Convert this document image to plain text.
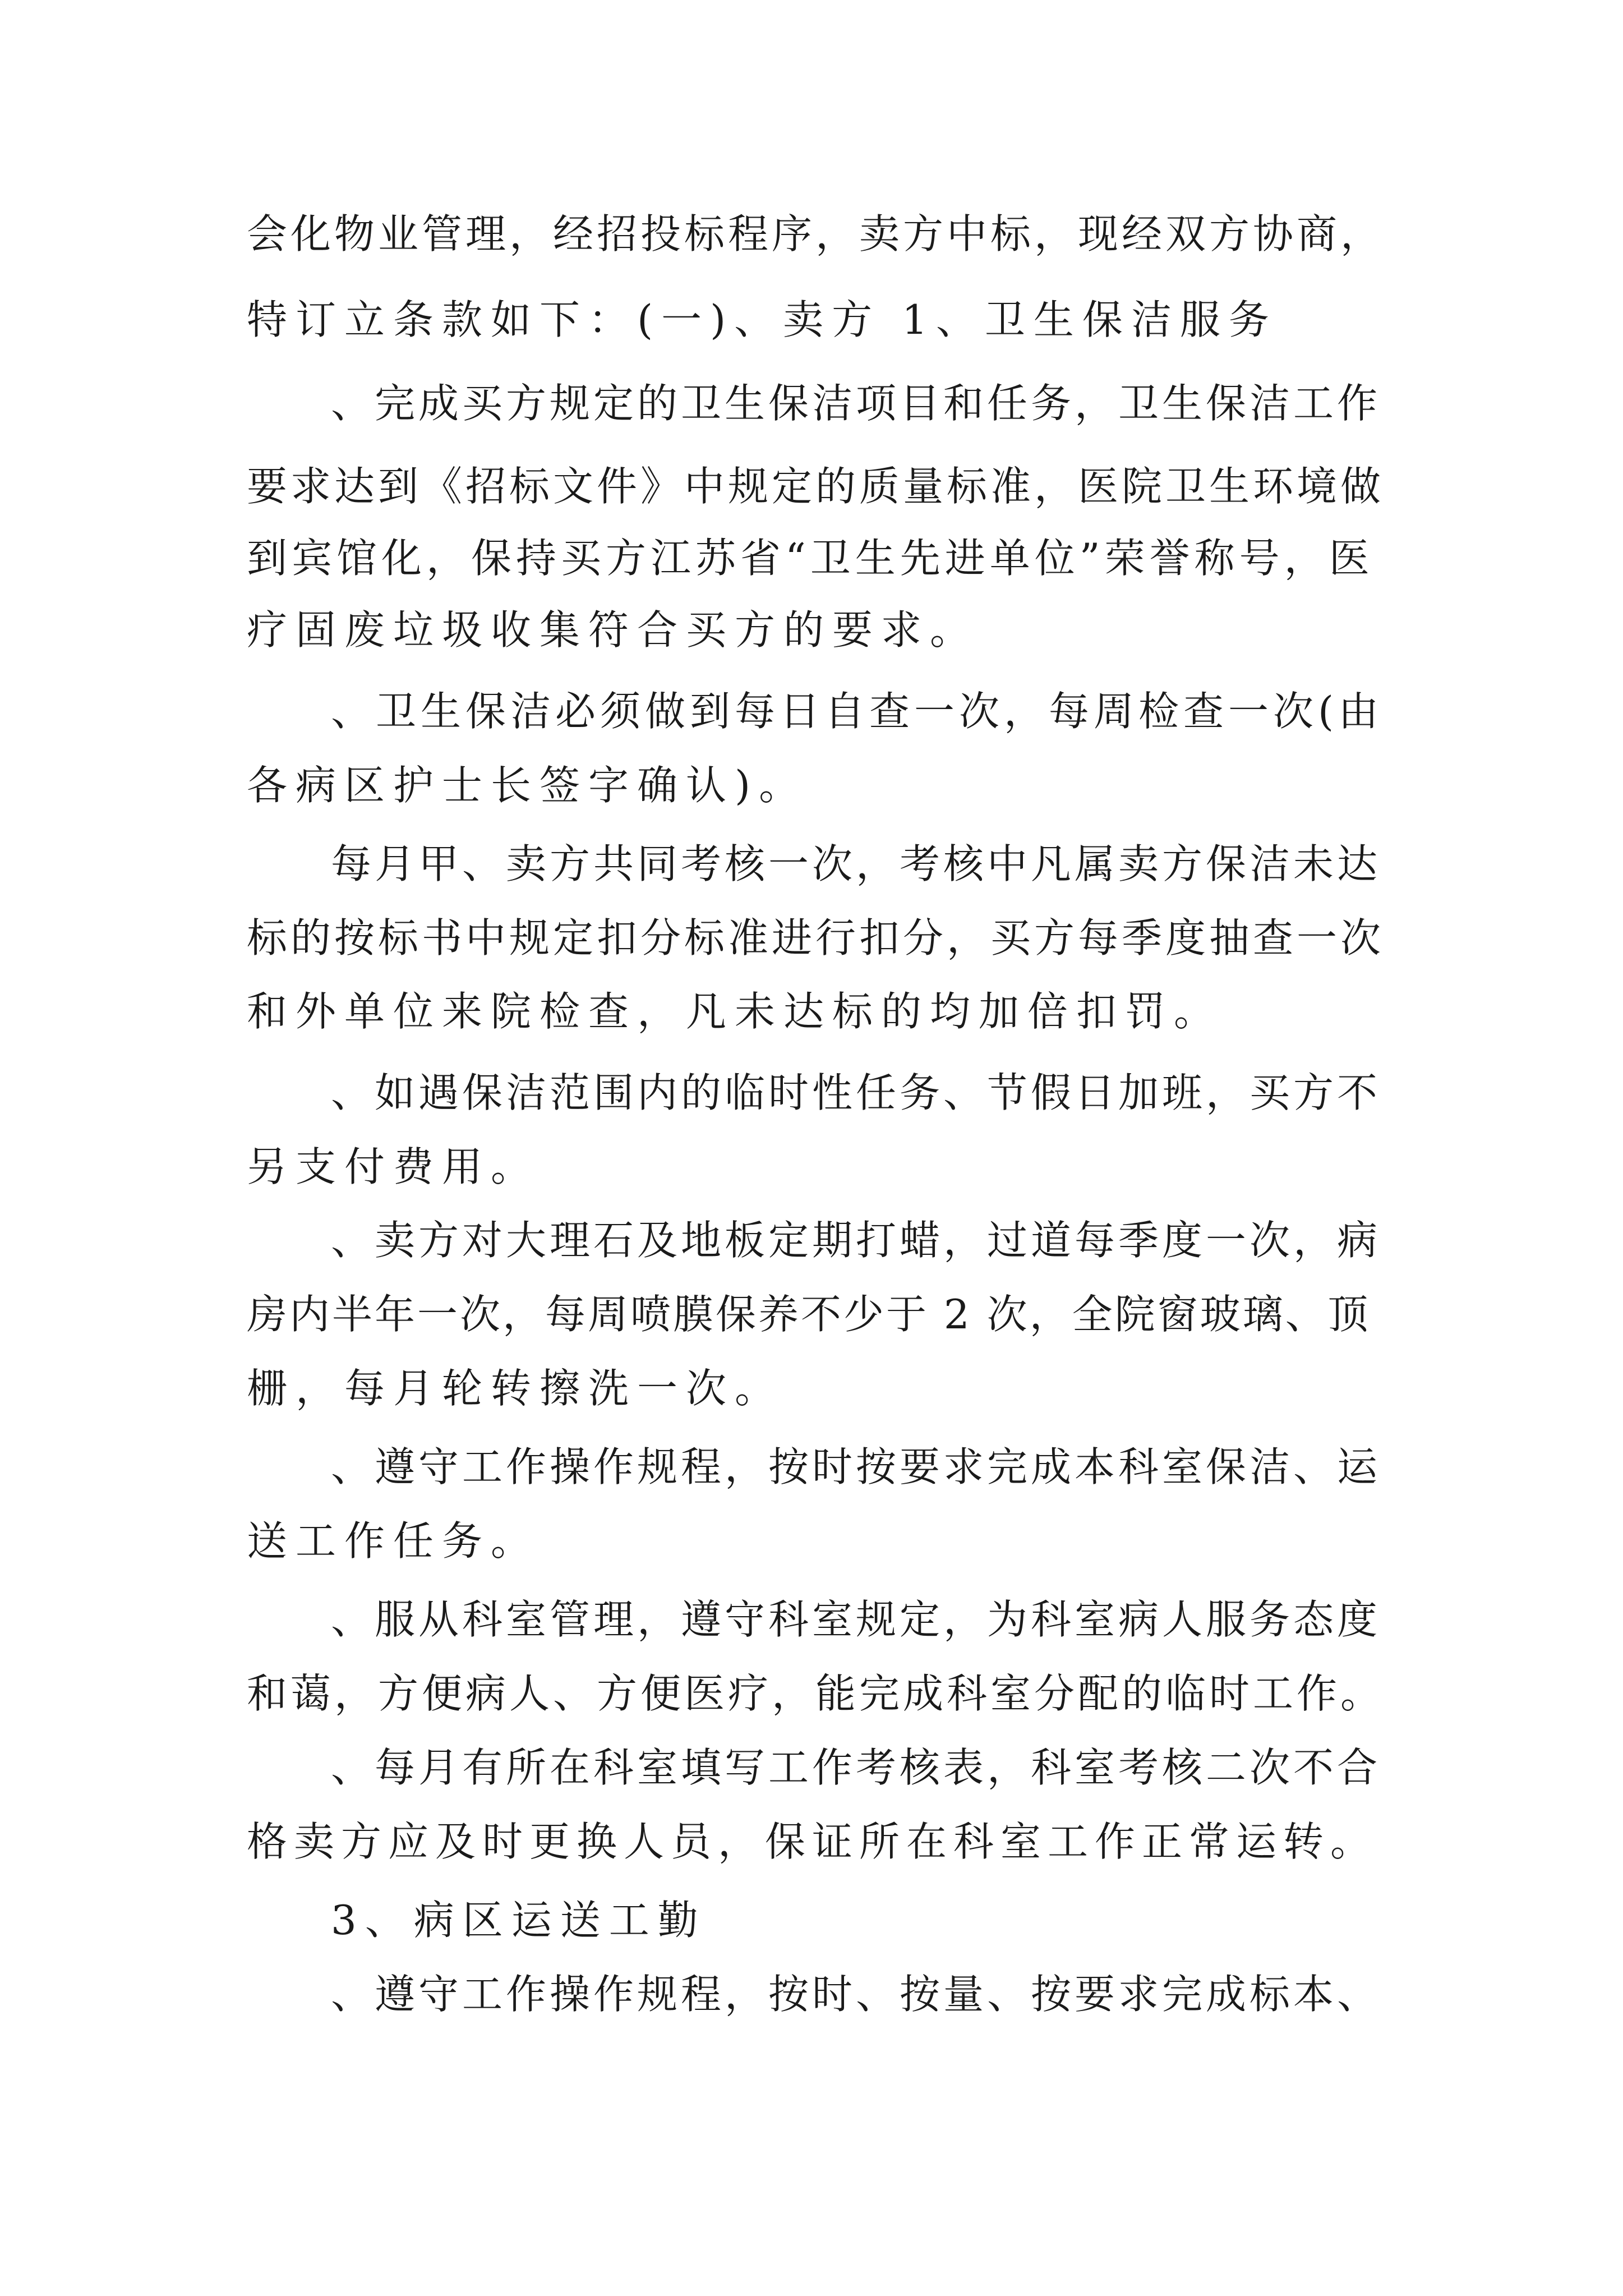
会化物业管理，经招投标程序，卖方中标，现经双方协商，
特订立条款如下：(一)、卖方 1、卫生保洁服务
、完成买方规定的卫生保洁项目和任务，卫生保洁工作
要求达到《招标文件》中规定的质量标准，医院卫生环境做
到宾馆化，保持买方江苏省“卫生先进单位”荣誉称号，医
疗固废垃圾收集符合买方的要求。
、卫生保洁必须做到每日自查一次，每周检查一次(由
各病区护士长签字确认)。
每月甲、卖方共同考核一次，考核中凡属卖方保洁未达
标的按标书中规定扣分标准进行扣分，买方每季度抽查一次
和外单位来院检查，凡未达标的均加倍扣罚。
、如遇保洁范围内的临时性任务、节假日加班，买方不
另支付费用。
、卖方对大理石及地板定期打蜡，过道每季度一次，病
房内半年一次，每周喷膜保养不少于 2 次，全院窗玻璃、顶
栅，每月轮转擦洗一次。
、遵守工作操作规程，按时按要求完成本科室保洁、运
送工作任务。
、服从科室管理，遵守科室规定，为科室病人服务态度
和蔼，方便病人、方便医疗，能完成科室分配的临时工作。
、每月有所在科室填写工作考核表，科室考核二次不合
格卖方应及时更换人员，保证所在科室工作正常运转。
3、病区运送工勤
、遵守工作操作规程，按时、按量、按要求完成标本、
